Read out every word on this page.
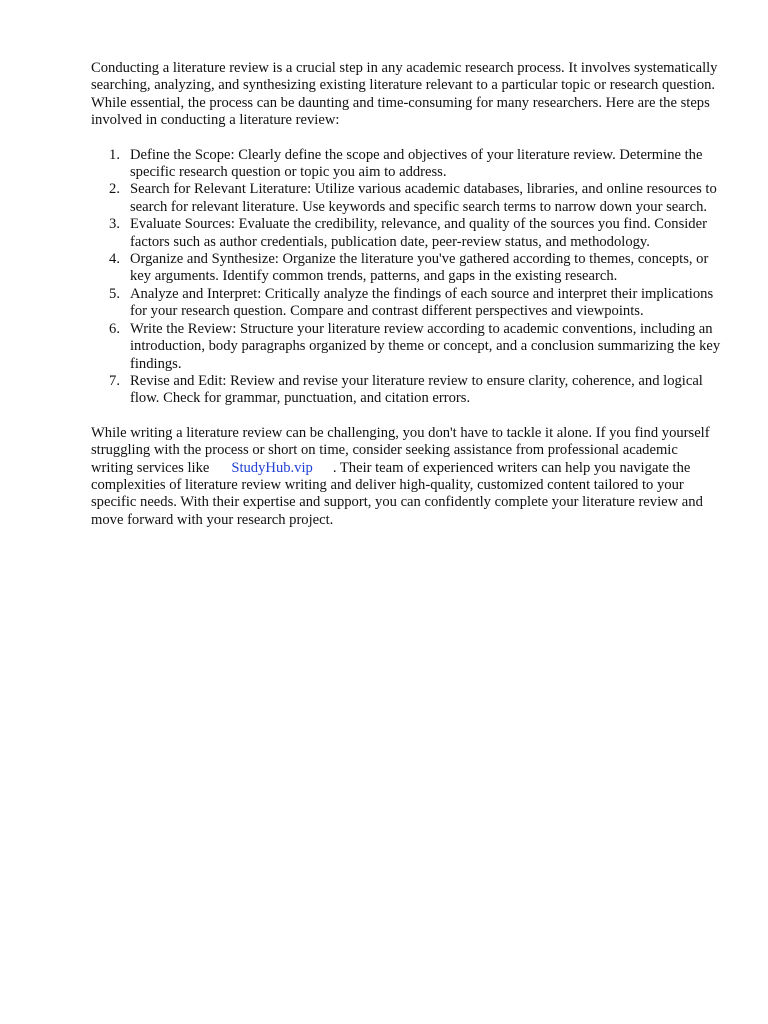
Conducting a literature review is a crucial step in any academic research process. It involves systematically searching, analyzing, and synthesizing existing literature relevant to a particular topic or research question. While essential, the process can be daunting and time-consuming for many researchers. Here are the steps involved in conducting a literature review:

1. Define the Scope: Clearly define the scope and objectives of your literature review. Determine the specific research question or topic you aim to address.
2. Search for Relevant Literature: Utilize various academic databases, libraries, and online resources to search for relevant literature. Use keywords and specific search terms to narrow down your search.
3. Evaluate Sources: Evaluate the credibility, relevance, and quality of the sources you find. Consider factors such as author credentials, publication date, peer-review status, and methodology.
4. Organize and Synthesize: Organize the literature you've gathered according to themes, concepts, or key arguments. Identify common trends, patterns, and gaps in the existing research.
5. Analyze and Interpret: Critically analyze the findings of each source and interpret their implications for your research question. Compare and contrast different perspectives and viewpoints.
6. Write the Review: Structure your literature review according to academic conventions, including an introduction, body paragraphs organized by theme or concept, and a conclusion summarizing the key findings.
7. Revise and Edit: Review and revise your literature review to ensure clarity, coherence, and logical flow. Check for grammar, punctuation, and citation errors.

While writing a literature review can be challenging, you don't have to tackle it alone. If you find yourself struggling with the process or short on time, consider seeking assistance from professional academic writing services like StudyHub.vip . Their team of experienced writers can help you navigate the complexities of literature review writing and deliver high-quality, customized content tailored to your specific needs. With their expertise and support, you can confidently complete your literature review and move forward with your research project.
